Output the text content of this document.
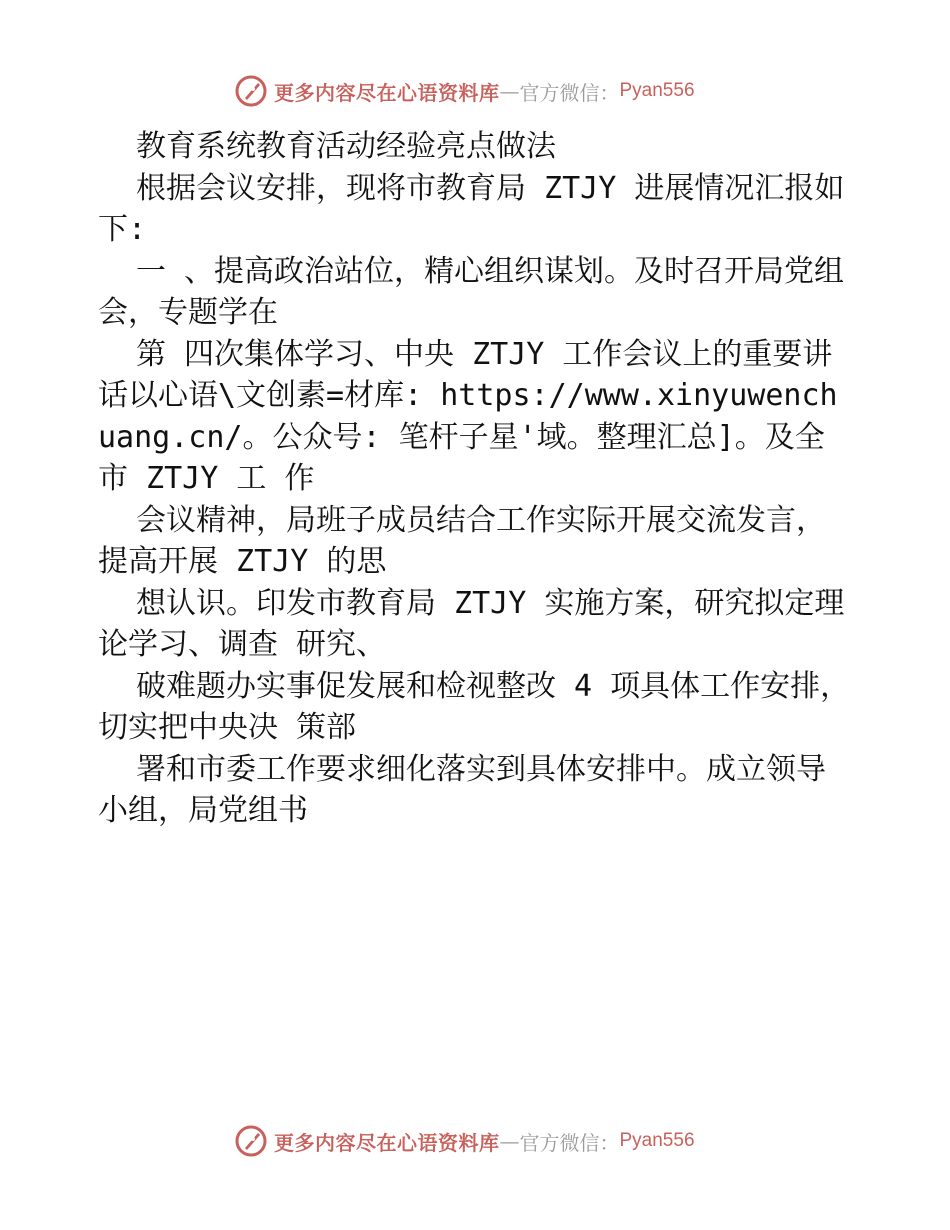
更多内容尽在心语资料库 — 官方微信： Pyan556

教育系统教育活动经验亮点做法

根据会议安排，现将市教育局 ZTJY 进展情况汇报如下:

一 、提高政治站位，精心组织谋划。及时召开局党组会，专题学在

第 四次集体学习、中央 ZTJY 工作会议上的重要讲话以心语\文创素=材库: https://www.xinyuwenchuang.cn/。公众号: 笔杆子星'域。整理汇总]。及全市 ZTJY 工 作

会议精神，局班子成员结合工作实际开展交流发言，提高开展 ZTJY 的思

想认识。印发市教育局 ZTJY 实施方案，研究拟定理论学习、调查 研究、

破难题办实事促发展和检视整改 4 项具体工作安排，切实把中央决 策部

署和市委工作要求细化落实到具体安排中。成立领导小组，局党组书

更多内容尽在心语资料库 — 官方微信： Pyan556
